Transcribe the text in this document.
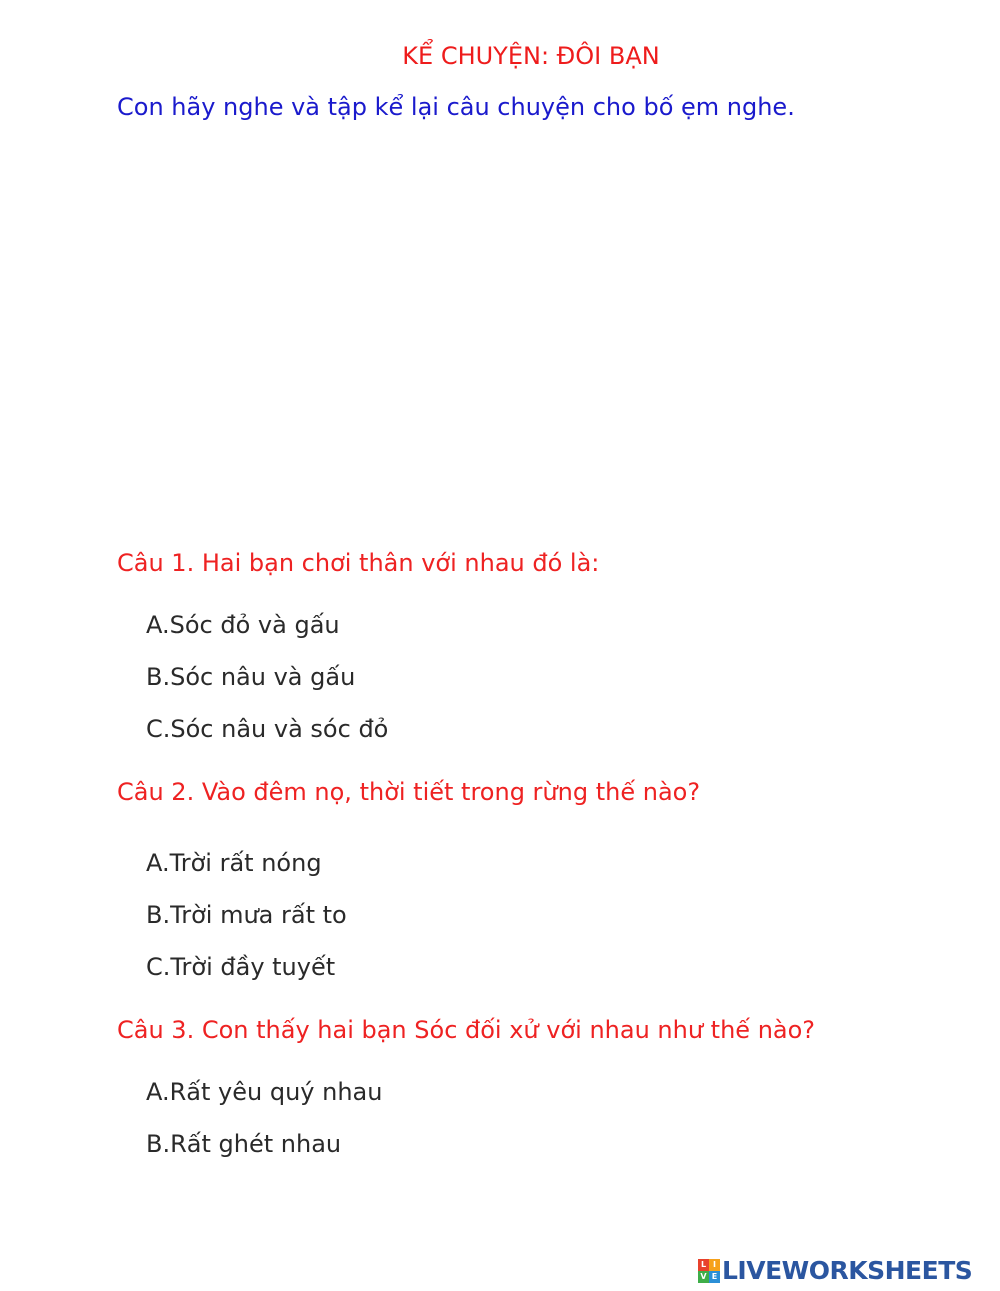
KỂ CHUYỆN: ĐÔI BẠN
Con hãy nghe và tập kể lại câu chuyện cho bố ẹm nghe.
Câu 1. Hai bạn chơi thân với nhau đó là:
A.Sóc đỏ và gấu
B.Sóc nâu và gấu
C.Sóc nâu và sóc đỏ
Câu 2. Vào đêm nọ, thời tiết trong rừng thế nào?
A.Trời rất nóng
B.Trời mưa rất to
C.Trời đầy tuyết
Câu 3. Con thấy hai bạn Sóc đối xử với nhau như thế nào?
A.Rất yêu quý nhau
B.Rất ghét nhau
L I
V E LIVEWORKSHEETS
